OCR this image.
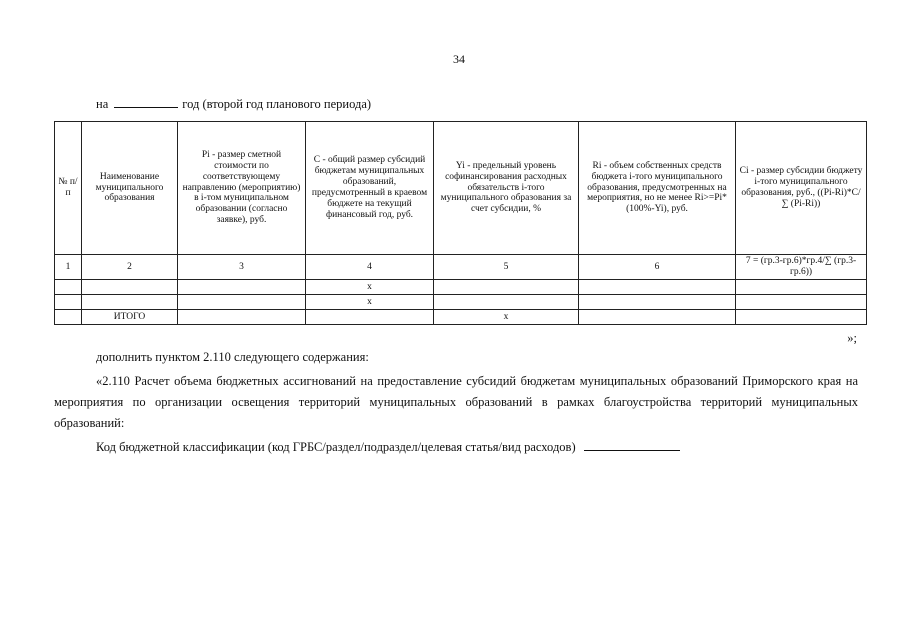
34
на	год (второй год планового периода)
№ п/п	Наименование муниципального образования	Pi - размер сметной стоимости по соответствующему направлению (мероприятию) в i-том муниципальном образовании (согласно заявке), руб.	С - общий размер субсидий бюджетам муниципальных образований, предусмотренный в краевом бюджете на текущий финансовый год, руб.	Yi - предельный уровень софинансирования расходных обязательств i-того муниципального образования за счет субсидии, %	Ri - объем собственных средств бюджета i-того муниципального образования, предусмотренных на мероприятия, но не менее Ri>=Pi*(100%-Yi), руб.	Ci - размер субсидии бюджету i-того муниципального образования, руб., ((Pi-Ri)*C/∑ (Pi-Ri))
1	2	3	4	5	6	7 = (гр.3-гр.6)*гр.4/∑ (гр.3-гр.6))
			x			
			x			
	ИТОГО			x		
»;
дополнить пунктом 2.110 следующего содержания:
«2.110 Расчет объема бюджетных ассигнований на предоставление субсидий бюджетам муниципальных образований Приморского края на мероприятия по организации освещения территорий муниципальных образований в рамках благоустройства территорий муниципальных образований:
Код бюджетной классификации (код ГРБС/раздел/подраздел/целевая статья/вид расходов)
